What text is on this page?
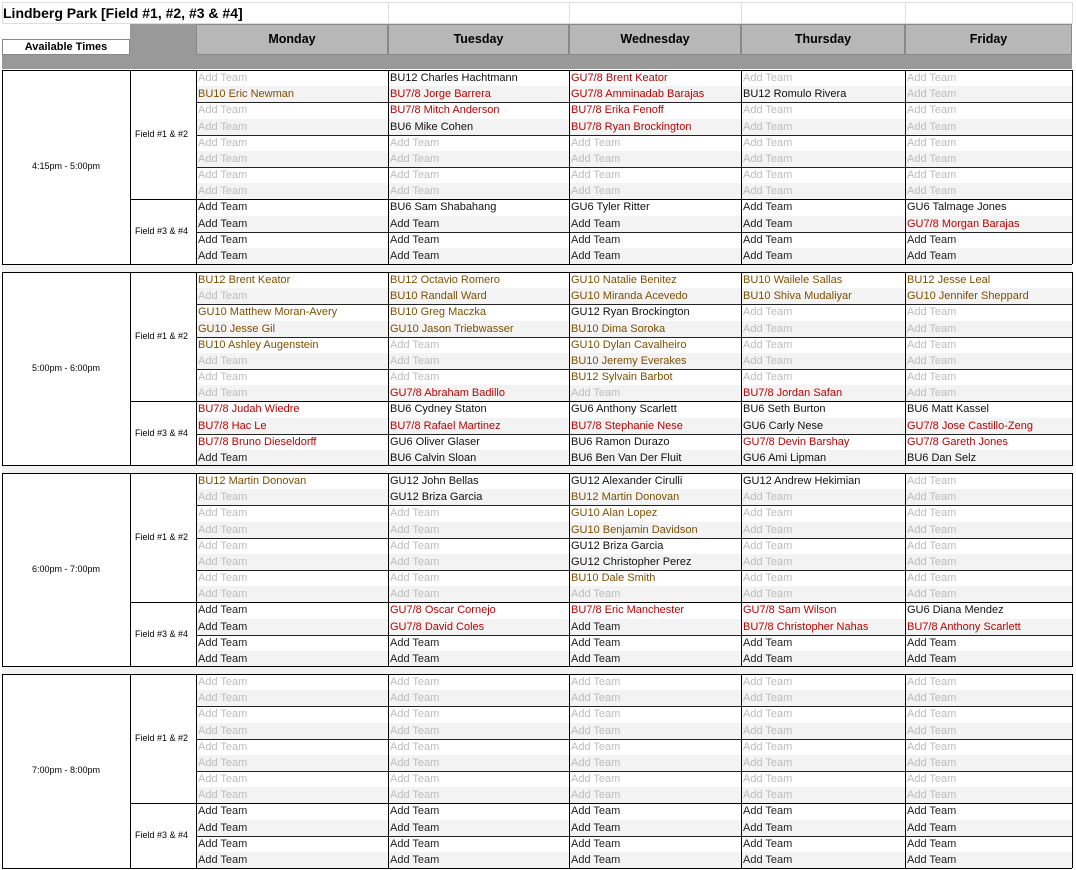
Lindberg Park [Field #1, #2, #3 & #4]
Available Times
Monday	Tuesday	Wednesday	Thursday	Friday
4:15pm - 5:00pm
Field #1 & #2
Add Team	BU12 Charles Hachtmann	GU7/8 Brent Keator	Add Team	Add Team
BU10 Eric Newman	BU7/8 Jorge Barrera	GU7/8 Amminadab Barajas	BU12 Romulo Rivera	Add Team
Add Team	BU7/8 Mitch Anderson	BU7/8 Erika Fenoff	Add Team	Add Team
Add Team	BU6 Mike Cohen	BU7/8 Ryan Brockington	Add Team	Add Team
Add Team	Add Team	Add Team	Add Team	Add Team
Add Team	Add Team	Add Team	Add Team	Add Team
Add Team	Add Team	Add Team	Add Team	Add Team
Add Team	Add Team	Add Team	Add Team	Add Team
Field #3 & #4
Add Team	BU6 Sam Shabahang	GU6 Tyler Ritter	Add Team	GU6 Talmage Jones
Add Team	Add Team	Add Team	Add Team	GU7/8 Morgan Barajas
Add Team	Add Team	Add Team	Add Team	Add Team
Add Team	Add Team	Add Team	Add Team	Add Team
5:00pm - 6:00pm
Field #1 & #2
BU12 Brent Keator	BU12 Octavio Romero	GU10 Natalie Benitez	BU10 Wailele Sallas	BU12 Jesse Leal
Add Team	BU10 Randall Ward	GU10 Miranda Acevedo	BU10 Shiva Mudaliyar	GU10 Jennifer Sheppard
GU10 Matthew Moran-Avery	BU10 Greg Maczka	GU12 Ryan Brockington	Add Team	Add Team
GU10 Jesse Gil	GU10 Jason Triebwasser	BU10 Dima Soroka	Add Team	Add Team
BU10 Ashley Augenstein	Add Team	GU10 Dylan Cavalheiro	Add Team	Add Team
Add Team	Add Team	BU10 Jeremy Everakes	Add Team	Add Team
Add Team	Add Team	BU12 Sylvain Barbot	Add Team	Add Team
Add Team	GU7/8 Abraham Badillo	Add Team	BU7/8 Jordan Safan	Add Team
Field #3 & #4
BU7/8 Judah Wiedre	BU6 Cydney Staton	GU6 Anthony Scarlett	BU6 Seth Burton	BU6 Matt Kassel
BU7/8 Hac Le	BU7/8 Rafael Martinez	BU7/8 Stephanie Nese	GU6 Carly Nese	GU7/8 Jose Castillo-Zeng
BU7/8 Bruno Dieseldorff	GU6 Oliver Glaser	BU6 Ramon Durazo	GU7/8 Devin Barshay	GU7/8 Gareth Jones
Add Team	BU6 Calvin Sloan	BU6 Ben Van Der Fluit	GU6 Ami Lipman	BU6 Dan Selz
6:00pm - 7:00pm
Field #1 & #2
BU12 Martin Donovan	GU12 John Bellas	GU12 Alexander Cirulli	GU12 Andrew Hekimian	Add Team
Add Team	GU12 Briza Garcia	BU12 Martin Donovan	Add Team	Add Team
Add Team	Add Team	GU10 Alan Lopez	Add Team	Add Team
Add Team	Add Team	GU10 Benjamin Davidson	Add Team	Add Team
Add Team	Add Team	GU12 Briza Garcia	Add Team	Add Team
Add Team	Add Team	GU12 Christopher Perez	Add Team	Add Team
Add Team	Add Team	BU10 Dale Smith	Add Team	Add Team
Add Team	Add Team	Add Team	Add Team	Add Team
Field #3 & #4
Add Team	GU7/8 Oscar Cornejo	BU7/8 Eric Manchester	GU7/8 Sam Wilson	GU6 Diana Mendez
Add Team	GU7/8 David Coles	Add Team	BU7/8 Christopher Nahas	BU7/8 Anthony Scarlett
Add Team	Add Team	Add Team	Add Team	Add Team
Add Team	Add Team	Add Team	Add Team	Add Team
7:00pm - 8:00pm
Field #1 & #2
Add Team	Add Team	Add Team	Add Team	Add Team
Add Team	Add Team	Add Team	Add Team	Add Team
Add Team	Add Team	Add Team	Add Team	Add Team
Add Team	Add Team	Add Team	Add Team	Add Team
Add Team	Add Team	Add Team	Add Team	Add Team
Add Team	Add Team	Add Team	Add Team	Add Team
Add Team	Add Team	Add Team	Add Team	Add Team
Add Team	Add Team	Add Team	Add Team	Add Team
Field #3 & #4
Add Team	Add Team	Add Team	Add Team	Add Team
Add Team	Add Team	Add Team	Add Team	Add Team
Add Team	Add Team	Add Team	Add Team	Add Team
Add Team	Add Team	Add Team	Add Team	Add Team
